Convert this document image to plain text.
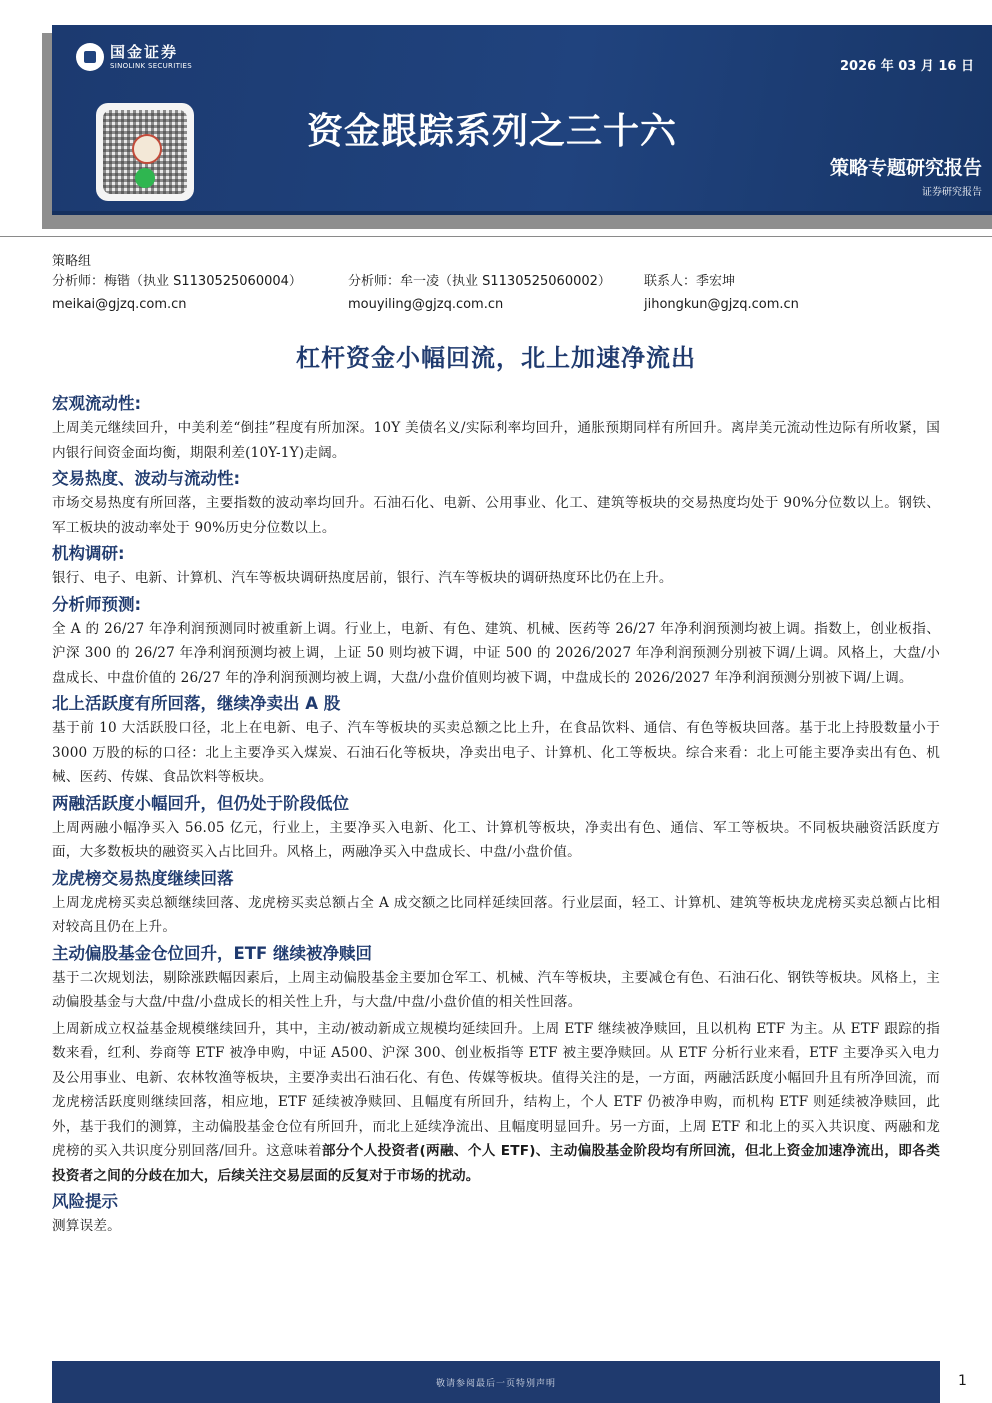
国金证券
SINOLINK SECURITIES	2026 年 03 月 16 日
资金跟踪系列之三十六
策略专题研究报告
证券研究报告
策略组
分析师：梅锴（执业 S1130525060004）
meikai@gjzq.com.cn
分析师：牟一凌（执业 S1130525060002）
mouyiling@gjzq.com.cn
联系人：季宏坤
jihongkun@gjzq.com.cn
杠杆资金小幅回流，北上加速净流出
宏观流动性:

上周美元继续回升，中美利差“倒挂”程度有所加深。10Y 美债名义/实际利率均回升，通胀预期同样有所回升。离岸美元流动性边际有所收紧，国内银行间资金面均衡，期限利差(10Y-1Y)走阔。

交易热度、波动与流动性:

市场交易热度有所回落，主要指数的波动率均回升。石油石化、电新、公用事业、化工、建筑等板块的交易热度均处于 90%分位数以上。钢铁、军工板块的波动率处于 90%历史分位数以上。

机构调研:

银行、电子、电新、计算机、汽车等板块调研热度居前，银行、汽车等板块的调研热度环比仍在上升。

分析师预测:

全 A 的 26/27 年净利润预测同时被重新上调。行业上，电新、有色、建筑、机械、医药等 26/27 年净利润预测均被上调。指数上，创业板指、沪深 300 的 26/27 年净利润预测均被上调，上证 50 则均被下调，中证 500 的 2026/2027 年净利润预测分别被下调/上调。风格上，大盘/小盘成长、中盘价值的 26/27 年的净利润预测均被上调，大盘/小盘价值则均被下调，中盘成长的 2026/2027 年净利润预测分别被下调/上调。

北上活跃度有所回落，继续净卖出 A 股

基于前 10 大活跃股口径，北上在电新、电子、汽车等板块的买卖总额之比上升，在食品饮料、通信、有色等板块回落。基于北上持股数量小于 3000 万股的标的口径：北上主要净买入煤炭、石油石化等板块，净卖出电子、计算机、化工等板块。综合来看：北上可能主要净卖出有色、机械、医药、传媒、食品饮料等板块。

两融活跃度小幅回升，但仍处于阶段低位

上周两融小幅净买入 56.05 亿元，行业上，主要净买入电新、化工、计算机等板块，净卖出有色、通信、军工等板块。不同板块融资活跃度方面，大多数板块的融资买入占比回升。风格上，两融净买入中盘成长、中盘/小盘价值。

龙虎榜交易热度继续回落

上周龙虎榜买卖总额继续回落、龙虎榜买卖总额占全 A 成交额之比同样延续回落。行业层面，轻工、计算机、建筑等板块龙虎榜买卖总额占比相对较高且仍在上升。

主动偏股基金仓位回升，ETF 继续被净赎回

基于二次规划法，剔除涨跌幅因素后，上周主动偏股基金主要加仓军工、机械、汽车等板块，主要减仓有色、石油石化、钢铁等板块。风格上，主动偏股基金与大盘/中盘/小盘成长的相关性上升，与大盘/中盘/小盘价值的相关性回落。

上周新成立权益基金规模继续回升，其中，主动/被动新成立规模均延续回升。上周 ETF 继续被净赎回，且以机构 ETF 为主。从 ETF 跟踪的指数来看，红利、券商等 ETF 被净申购，中证 A500、沪深 300、创业板指等 ETF 被主要净赎回。从 ETF 分析行业来看，ETF 主要净买入电力及公用事业、电新、农林牧渔等板块，主要净卖出石油石化、有色、传媒等板块。值得关注的是，一方面，两融活跃度小幅回升且有所净回流，而龙虎榜活跃度则继续回落，相应地，ETF 延续被净赎回、且幅度有所回升，结构上，个人 ETF 仍被净申购，而机构 ETF 则延续被净赎回，此外，基于我们的测算，主动偏股基金仓位有所回升，而北上延续净流出、且幅度明显回升。另一方面，上周 ETF 和北上的买入共识度、两融和龙虎榜的买入共识度分别回落/回升。这意味着部分个人投资者(两融、个人 ETF)、主动偏股基金阶段均有所回流，但北上资金加速净流出，即各类投资者之间的分歧在加大，后续关注交易层面的反复对于市场的扰动。

风险提示

测算误差。

敬请参阅最后一页特别声明	1
